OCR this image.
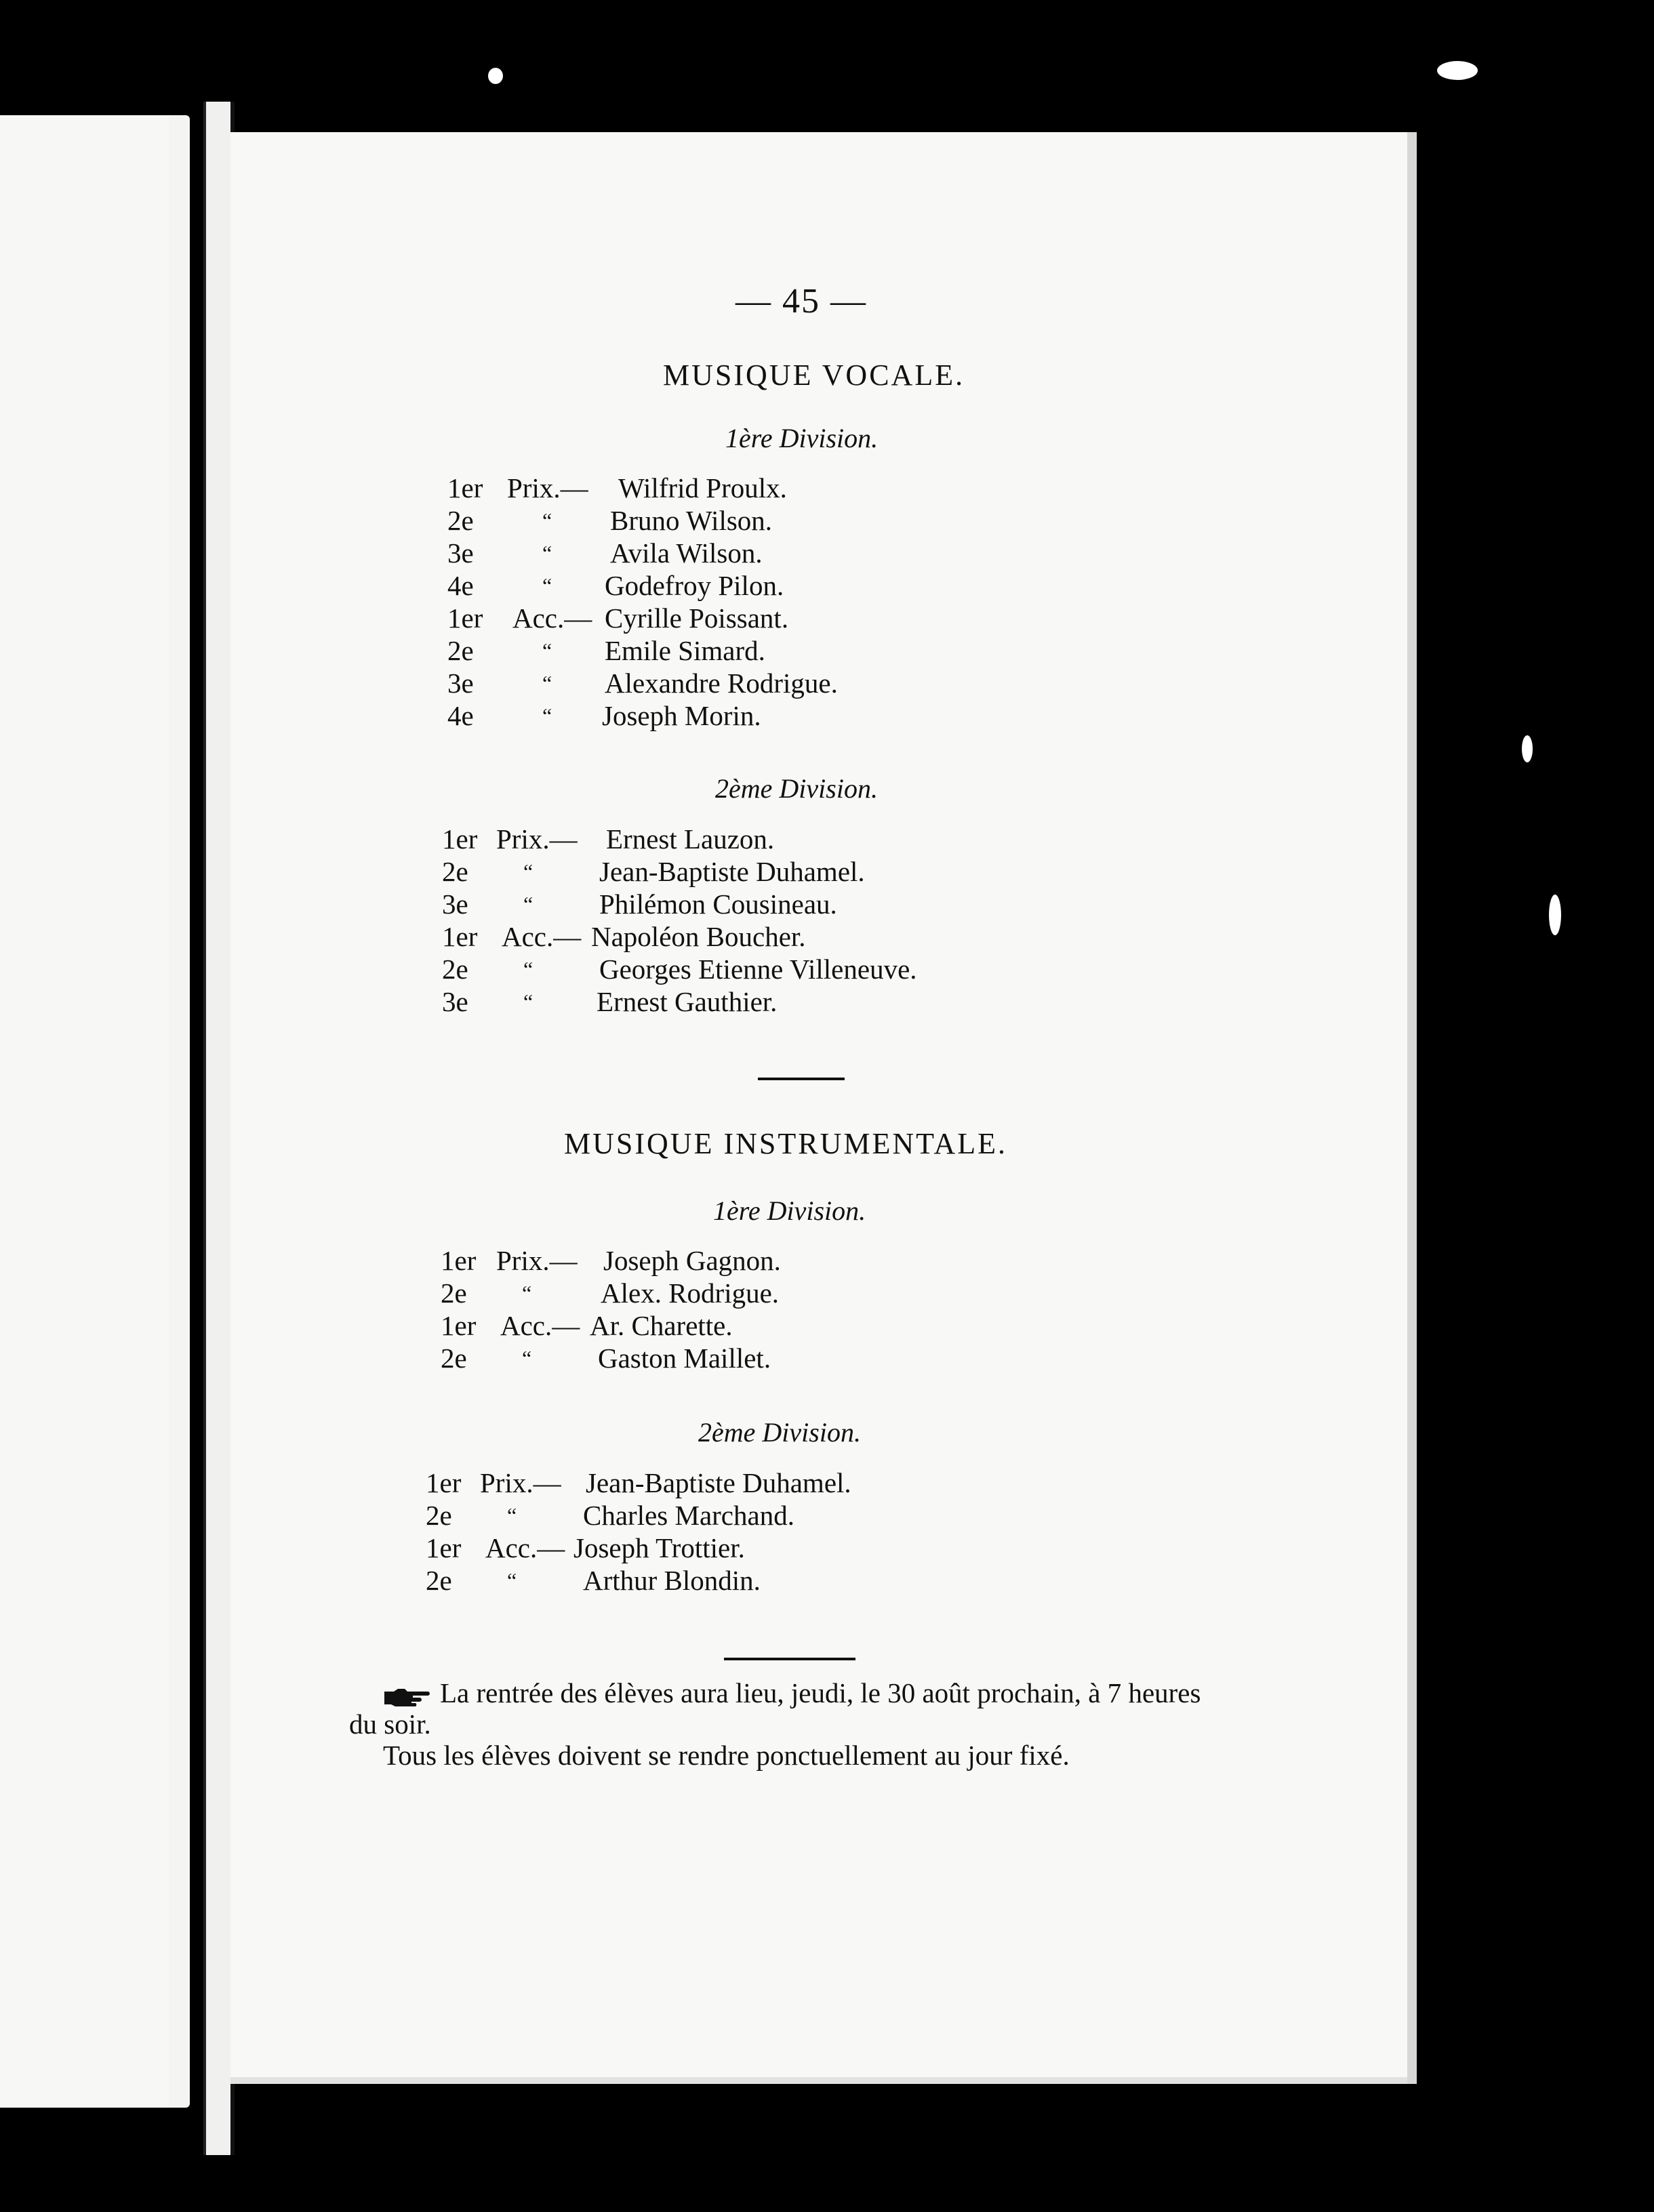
— 45 —
MUSIQUE VOCALE.
1ère Division.
1er Prix.— Wilfrid Proulx.
2e	“ Bruno Wilson.
3e	“ Avila Wilson.
4e	“ Godefroy Pilon.
1er Acc.— Cyrille Poissant.
2e	“ Emile Simard.
3e	“ Alexandre Rodrigue.
4e	“ Joseph Morin.
2ème Division.
1er Prix.— Ernest Lauzon.
2e	“ Jean-Baptiste Duhamel.
3e	“ Philémon Cousineau.
1er Acc.— Napoléon Boucher.
2e	“ Georges Etienne Villeneuve.
3e	“ Ernest Gauthier.
MUSIQUE INSTRUMENTALE.
1ère Division.
1er Prix.— Joseph Gagnon.
2e	“ Alex. Rodrigue.
1er Acc.— Ar. Charette.
2e	“ Gaston Maillet.
2ème Division.
1er Prix.— Jean-Baptiste Duhamel.
2e	“ Charles Marchand.
1er Acc.— Joseph Trottier.
2e	“ Arthur Blondin.

La rentrée des élèves aura lieu, jeudi, le 30 août prochain, à 7 heures du soir.

Tous les élèves doivent se rendre ponctuellement au jour fixé.
